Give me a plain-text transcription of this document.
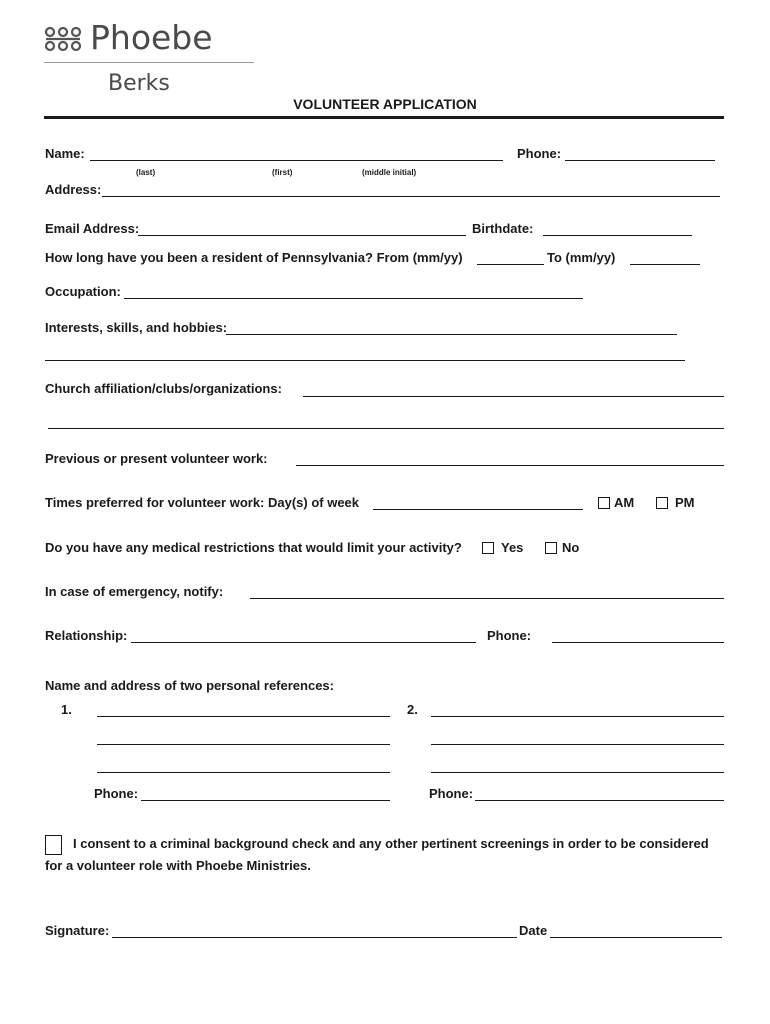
Phoebe
Berks
VOLUNTEER APPLICATION
Name:
(last)	(first)	(middle initial)
Phone:
Address:
Email Address:	Birthdate:
How long have you been a resident of Pennsylvania? From (mm/yy)	To (mm/yy)
Occupation:
Interests, skills, and hobbies:
Church affiliation/clubs/organizations:
Previous or present volunteer work:
Times preferred for volunteer work: Day(s) of week	AM	PM
Do you have any medical restrictions that would limit your activity?	Yes	No
In case of emergency, notify:
Relationship:	Phone:
Name and address of two personal references:
1.
Phone:
2.
Phone:
I consent to a criminal background check and any other pertinent screenings in order to be considered
for a volunteer role with Phoebe Ministries.
Signature:	Date
